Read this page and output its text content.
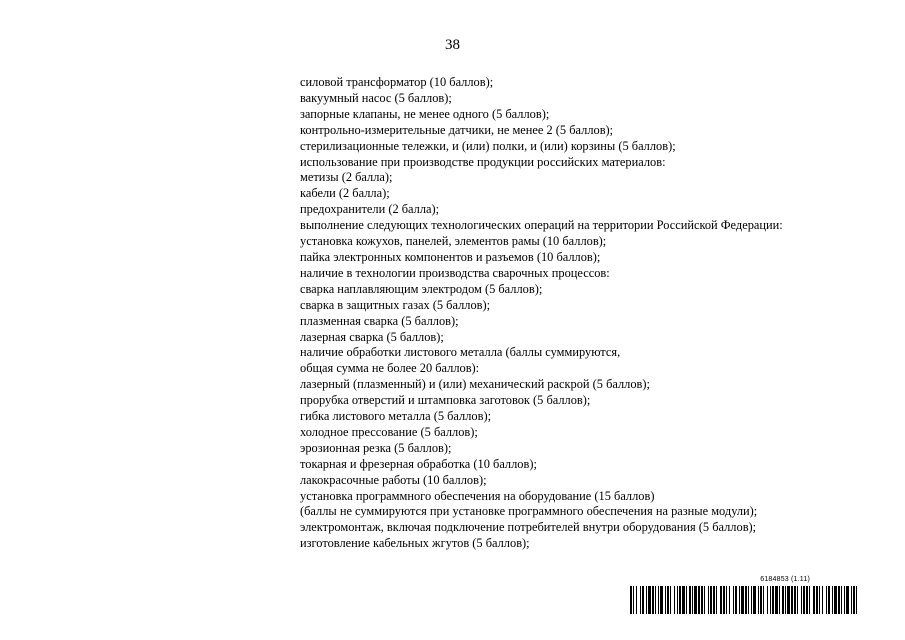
38
силовой трансформатор (10 баллов);
вакуумный насос (5 баллов);
запорные клапаны, не менее одного (5 баллов);
контрольно-измерительные датчики, не менее 2 (5 баллов);
стерилизационные тележки, и (или) полки, и (или) корзины (5 баллов);
использование при производстве продукции российских материалов:
метизы (2 балла);
кабели (2 балла);
предохранители (2 балла);
выполнение следующих технологических операций на территории Российской Федерации:
установка кожухов, панелей, элементов рамы (10 баллов);
пайка электронных компонентов и разъемов (10 баллов);
наличие в технологии производства сварочных процессов:
сварка наплавляющим электродом (5 баллов);
сварка в защитных газах (5 баллов);
плазменная сварка (5 баллов);
лазерная сварка (5 баллов);
наличие обработки листового металла (баллы суммируются,
общая сумма не более 20 баллов):
лазерный (плазменный) и (или) механический раскрой (5 баллов);
прорубка отверстий и штамповка заготовок (5 баллов);
гибка листового металла (5 баллов);
холодное прессование (5 баллов);
эрозионная резка (5 баллов);
токарная и фрезерная обработка (10 баллов);
лакокрасочные работы (10 баллов);
установка программного обеспечения на оборудование (15 баллов)
(баллы не суммируются при установке программного обеспечения на разные модули);
электромонтаж, включая подключение потребителей внутри оборудования (5 баллов);
изготовление кабельных жгутов (5 баллов);
6184853 (1.11)
